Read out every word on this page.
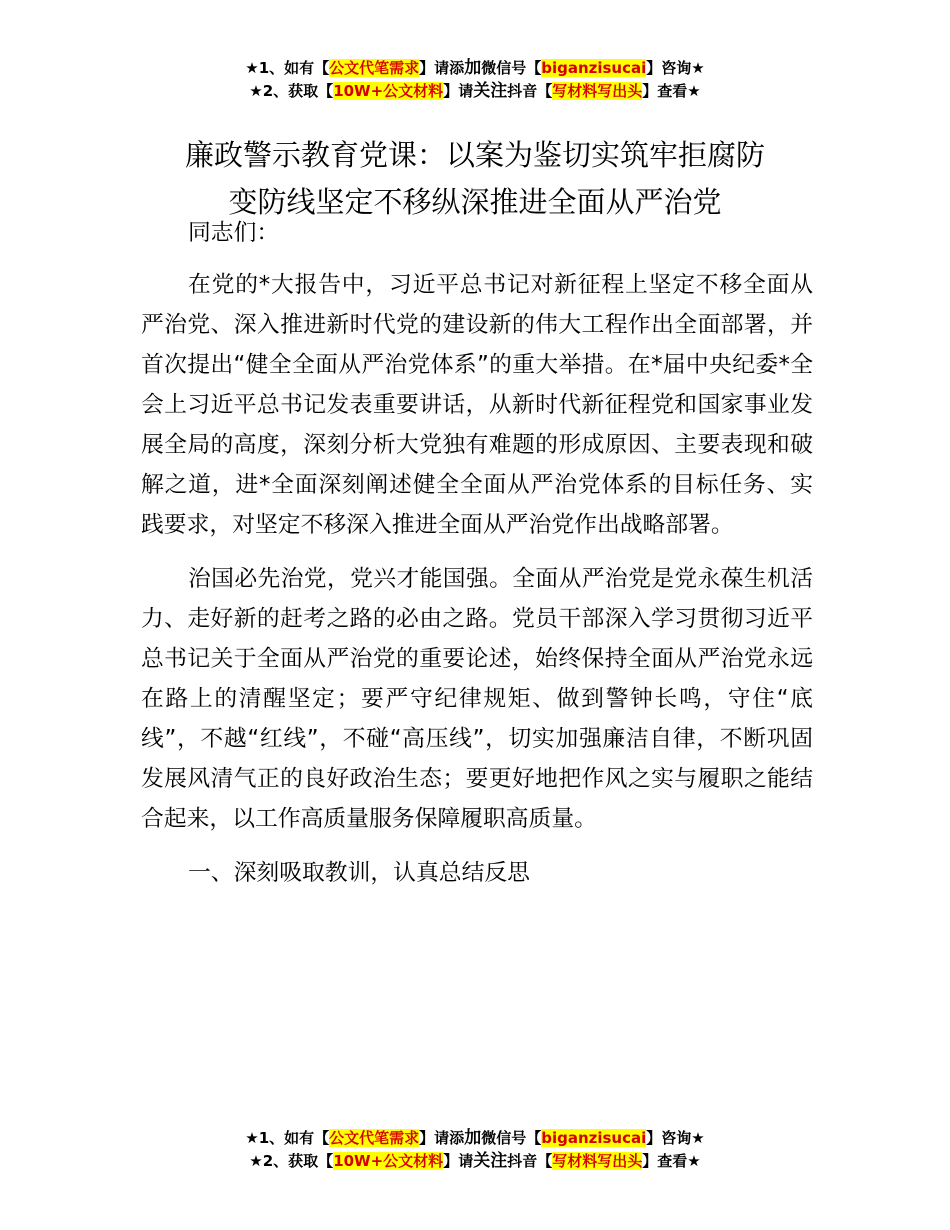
★1、如有【公文代笔需求】请添加微信号【biganzisucai】咨询★
★2、获取【10W+公文材料】请关注抖音【写材料写出头】查看★
廉政警示教育党课：以案为鉴切实筑牢拒腐防
变防线坚定不移纵深推进全面从严治党

同志们：

在党的*大报告中，习近平总书记对新征程上坚定不移全面从严治党、深入推进新时代党的建设新的伟大工程作出全面部署，并首次提出“健全全面从严治党体系”的重大举措。在*届中央纪委*全会上习近平总书记发表重要讲话，从新时代新征程党和国家事业发展全局的高度，深刻分析大党独有难题的形成原因、主要表现和破解之道，进*全面深刻阐述健全全面从严治党体系的目标任务、实践要求，对坚定不移深入推进全面从严治党作出战略部署。

治国必先治党，党兴才能国强。全面从严治党是党永葆生机活力、走好新的赶考之路的必由之路。党员干部深入学习贯彻习近平总书记关于全面从严治党的重要论述，始终保持全面从严治党永远在路上的清醒坚定；要严守纪律规矩、做到警钟长鸣，守住“底线”，不越“红线”，不碰“高压线”，切实加强廉洁自律，不断巩固发展风清气正的良好政治生态；要更好地把作风之实与履职之能结合起来，以工作高质量服务保障履职高质量。

一、深刻吸取教训，认真总结反思

★1、如有【公文代笔需求】请添加微信号【biganzisucai】咨询★
★2、获取【10W+公文材料】请关注抖音【写材料写出头】查看★
